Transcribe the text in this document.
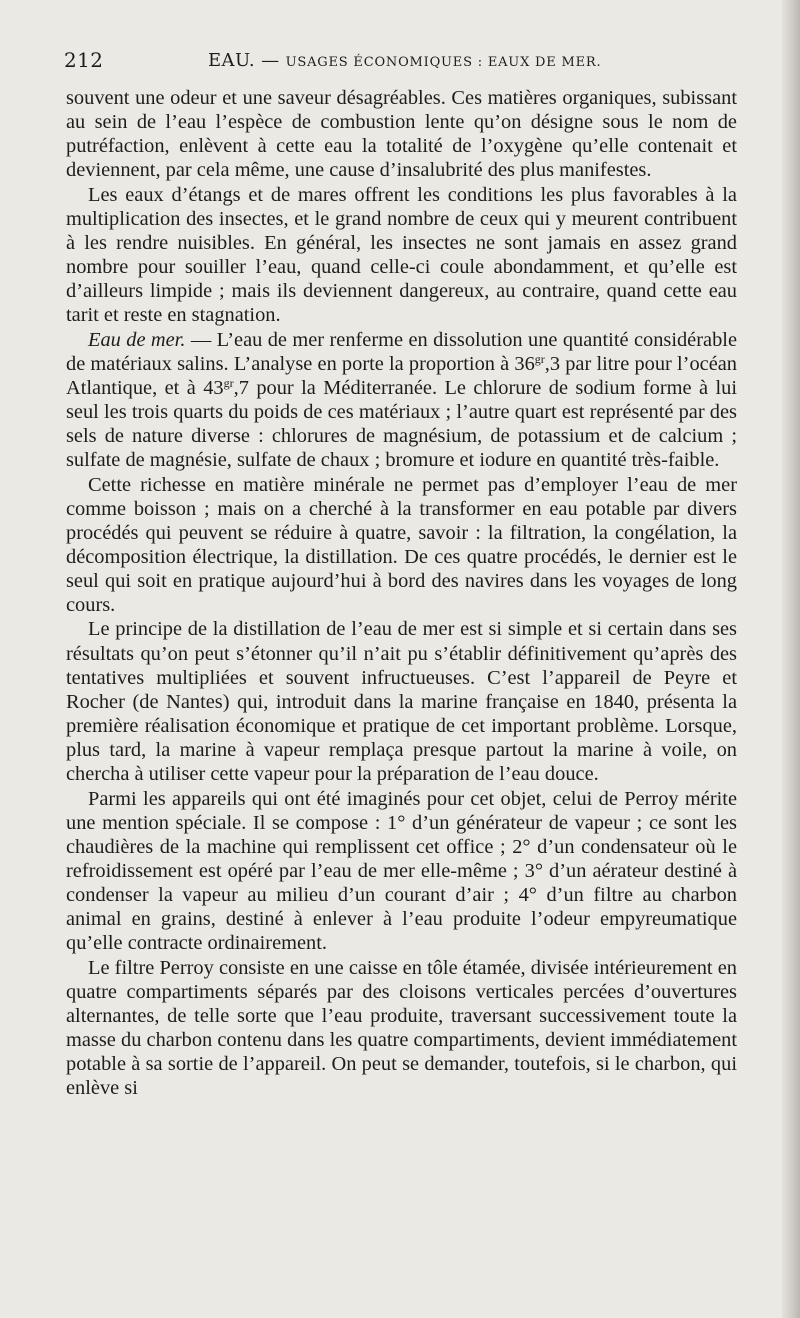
212	EAU. — USAGES ÉCONOMIQUES : EAUX DE MER.

souvent une odeur et une saveur désagréables. Ces matières organiques, subissant au sein de l’eau l’espèce de combustion lente qu’on désigne sous le nom de putréfaction, enlèvent à cette eau la totalité de l’oxygène qu’elle contenait et deviennent, par cela même, une cause d’insalubrité des plus manifestes.

Les eaux d’étangs et de mares offrent les conditions les plus favorables à la multiplication des insectes, et le grand nombre de ceux qui y meurent contribuent à les rendre nuisibles. En général, les insectes ne sont jamais en assez grand nombre pour souiller l’eau, quand celle-ci coule abondamment, et qu’elle est d’ailleurs limpide ; mais ils deviennent dangereux, au contraire, quand cette eau tarit et reste en stagnation.

Eau de mer. — L’eau de mer renferme en dissolution une quantité considérable de matériaux salins. L’analyse en porte la proportion à $36^{gr},3$ par litre pour l’océan Atlantique, et à $43^{gr},7$ pour la Méditerranée. Le chlorure de sodium forme à lui seul les trois quarts du poids de ces matériaux ; l’autre quart est représenté par des sels de nature diverse : chlorures de magnésium, de potassium et de calcium ; sulfate de magnésie, sulfate de chaux ; bromure et iodure en quantité très-faible.

Cette richesse en matière minérale ne permet pas d’employer l’eau de mer comme boisson ; mais on a cherché à la transformer en eau potable par divers procédés qui peuvent se réduire à quatre, savoir : la filtration, la congélation, la décomposition électrique, la distillation. De ces quatre procédés, le dernier est le seul qui soit en pratique aujourd’hui à bord des navires dans les voyages de long cours.

Le principe de la distillation de l’eau de mer est si simple et si certain dans ses résultats qu’on peut s’étonner qu’il n’ait pu s’établir définitivement qu’après des tentatives multipliées et souvent infructueuses. C’est l’appareil de Peyre et Rocher (de Nantes) qui, introduit dans la marine française en 1840, présenta la première réalisation économique et pratique de cet important problème. Lorsque, plus tard, la marine à vapeur remplaça presque partout la marine à voile, on chercha à utiliser cette vapeur pour la préparation de l’eau douce.

Parmi les appareils qui ont été imaginés pour cet objet, celui de Perroy mérite une mention spéciale. Il se compose : 1° d’un générateur de vapeur ; ce sont les chaudières de la machine qui remplissent cet office ; 2° d’un condensateur où le refroidissement est opéré par l’eau de mer elle-même ; 3° d’un aérateur destiné à condenser la vapeur au milieu d’un courant d’air ; 4° d’un filtre au charbon animal en grains, destiné à enlever à l’eau produite l’odeur empyreumatique qu’elle contracte ordinairement.

Le filtre Perroy consiste en une caisse en tôle étamée, divisée intérieurement en quatre compartiments séparés par des cloisons verticales percées d’ouvertures alternantes, de telle sorte que l’eau produite, traversant successivement toute la masse du charbon contenu dans les quatre compartiments, devient immédiatement potable à sa sortie de l’appareil. On peut se demander, toutefois, si le charbon, qui enlève si
